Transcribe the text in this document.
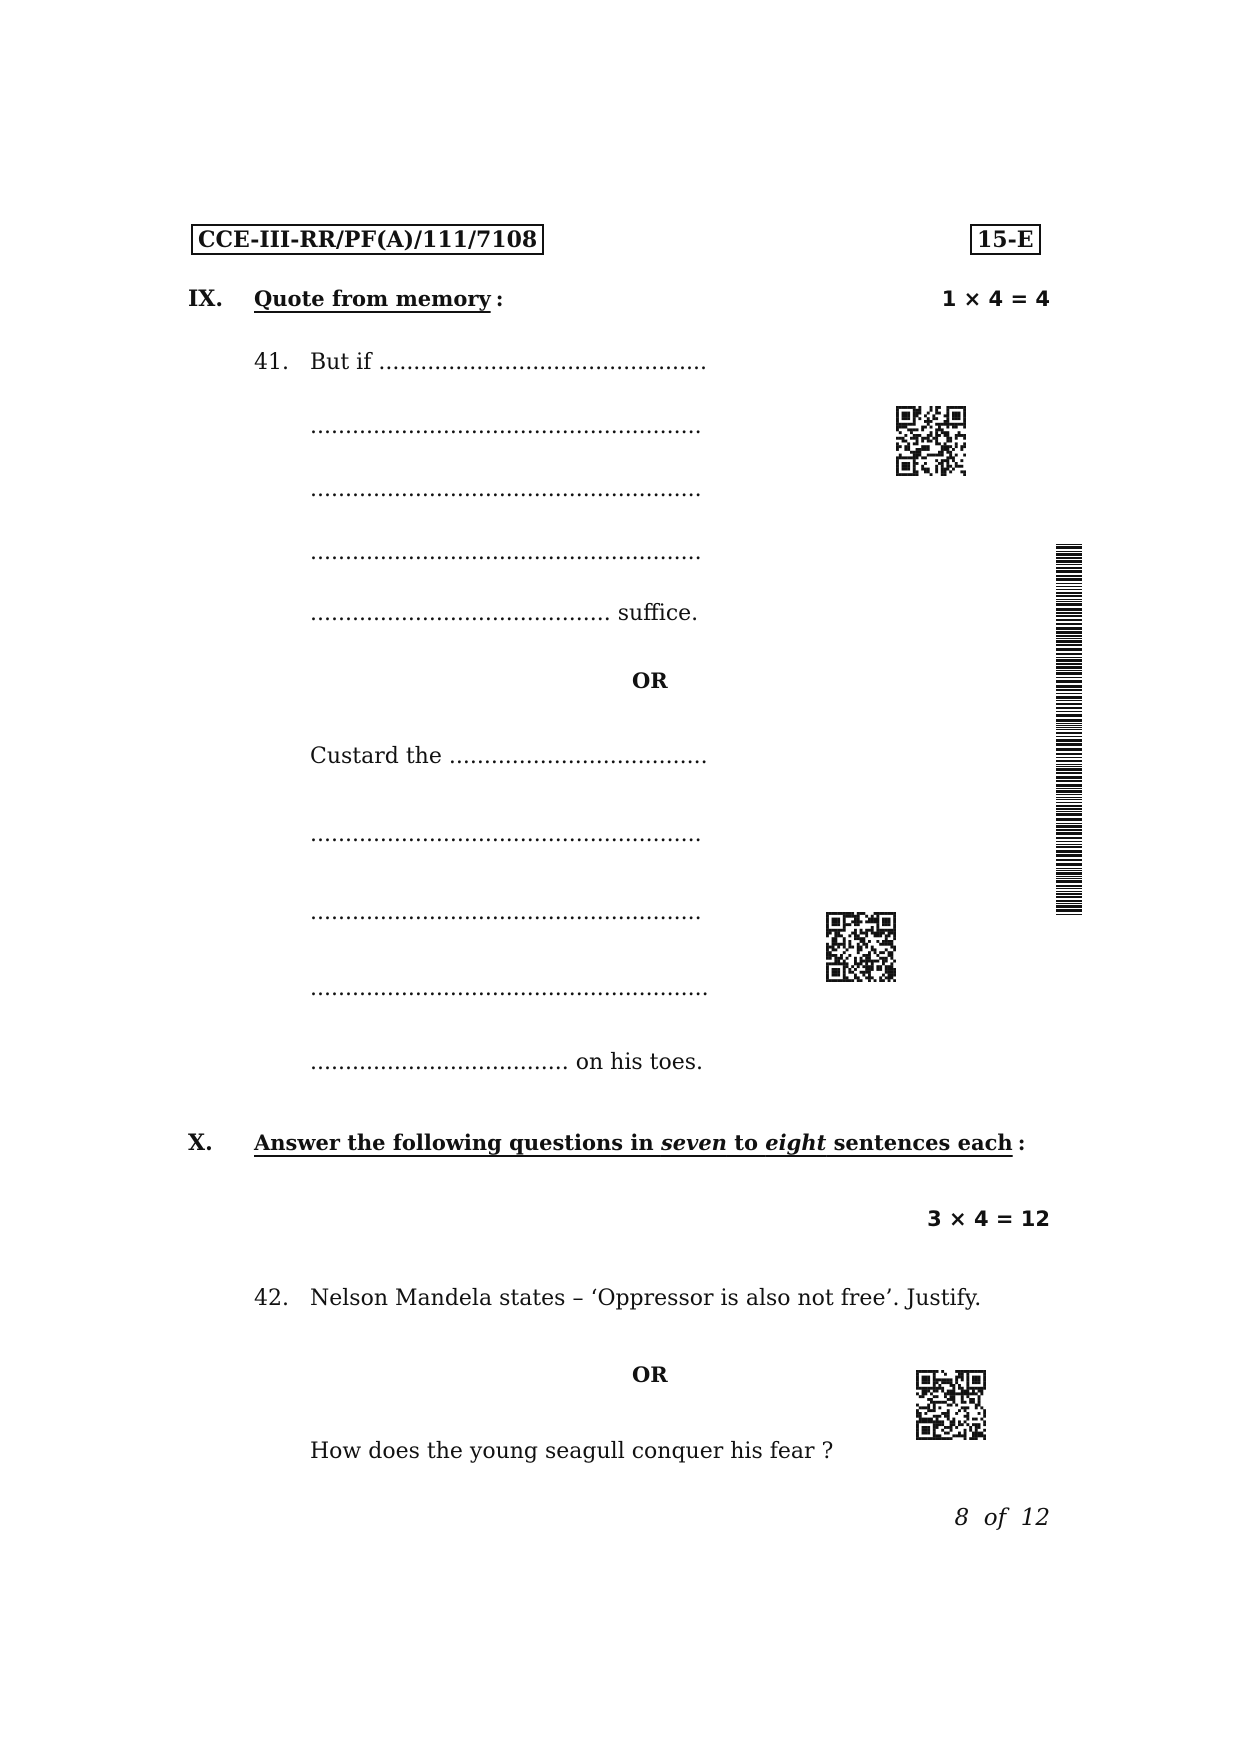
CCE-III-RR/PF(A)/111/7108	15-E
IX. Quote from memory :	1 × 4 = 4
41. But if ...............................................
........................................................
........................................................
........................................................
........................................... suffice.
OR
Custard the .....................................
........................................................
........................................................
.........................................................
..................................... on his toes.
X. Answer the following questions in seven to eight sentences each :
3 × 4 = 12
42. Nelson Mandela states – ‘Oppressor is also not free’. Justify.
OR
How does the young seagull conquer his fear ?
8  of  12
